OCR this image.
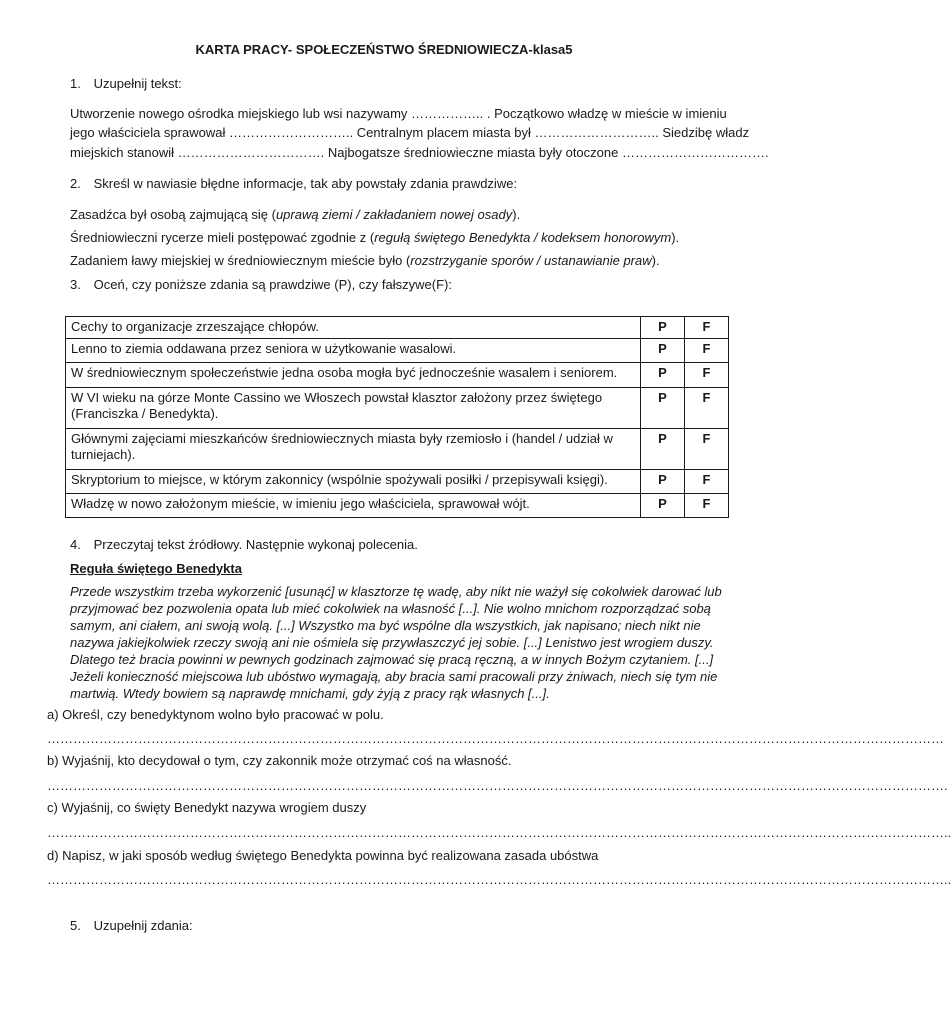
KARTA PRACY- SPOŁECZEŃSTWO ŚREDNIOWIECZA-klasa5
1. Uzupełnij tekst:
Utworzenie nowego ośrodka miejskiego lub wsi nazywamy …………….. . Początkowo władzę w mieście w imieniu
jego właściciela sprawował ……………………….. Centralnym placem miasta był ……………………….. Siedzibę władz
miejskich stanowił ……………………………. Najbogatsze średniowieczne miasta były otoczone …………………………….
2. Skreśl w nawiasie błędne informacje, tak aby powstały zdania prawdziwe:
Zasadźca był osobą zajmującą się (uprawą ziemi / zakładaniem nowej osady).
Średniowieczni rycerze mieli postępować zgodnie z (regułą świętego Benedykta / kodeksem honorowym).
Zadaniem ławy miejskiej w średniowiecznym mieście było (rozstrzyganie sporów / ustanawianie praw).
3. Oceń, czy poniższe zdania są prawdziwe (P), czy fałszywe(F):
Cechy to organizacje zrzeszające chłopów.	P	F
Lenno to ziemia oddawana przez seniora w użytkowanie wasalowi.	P	F
W średniowiecznym społeczeństwie jedna osoba mogła być jednocześnie wasalem i seniorem.	P	F
W VI wieku na górze Monte Cassino we Włoszech powstał klasztor założony przez świętego (Franciszka / Benedykta).	P	F
Głównymi zajęciami mieszkańców średniowiecznych miasta były rzemiosło i (handel / udział w turniejach).	P	F
Skryptorium to miejsce, w którym zakonnicy (wspólnie spożywali posiłki / przepisywali księgi).	P	F
Władzę w nowo założonym mieście, w imieniu jego właściciela, sprawował wójt.	P	F
4. Przeczytaj tekst źródłowy. Następnie wykonaj polecenia.
Reguła świętego Benedykta
Przede wszystkim trzeba wykorzenić [usunąć] w klasztorze tę wadę, aby nikt nie ważył się cokolwiek darować lub przyjmować bez pozwolenia opata lub mieć cokolwiek na własność [...]. Nie wolno mnichom rozporządzać sobą samym, ani ciałem, ani swoją wolą. [...] Wszystko ma być wspólne dla wszystkich, jak napisano; niech nikt nie nazywa jakiejkolwiek rzeczy swoją ani nie ośmiela się przywłaszczyć jej sobie. [...] Lenistwo jest wrogiem duszy. Dlatego też bracia powinni w pewnych godzinach zajmować się pracą ręczną, a w innych Bożym czytaniem. [...] Jeżeli konieczność miejscowa lub ubóstwo wymagają, aby bracia sami pracowali przy żniwach, niech się tym nie martwią. Wtedy bowiem są naprawdę mnichami, gdy żyją z pracy rąk własnych [...].
a) Określ, czy benedyktynom wolno było pracować w polu.
………………………………………………………………………………………………………………………………………………………………………………………
b) Wyjaśnij, kto decydował o tym, czy zakonnik może otrzymać coś na własność.
……………………………………………………………………………………………………………………………………………………………………………………….
c) Wyjaśnij, co święty Benedykt nazywa wrogiem duszy
………………………………………………………………………………………………………………………………………………………………………………………..
d) Napisz, w jaki sposób według świętego Benedykta powinna być realizowana zasada ubóstwa
………………………………………………………………………………………………………………………………………………………………………………………..
5. Uzupełnij zdania:
